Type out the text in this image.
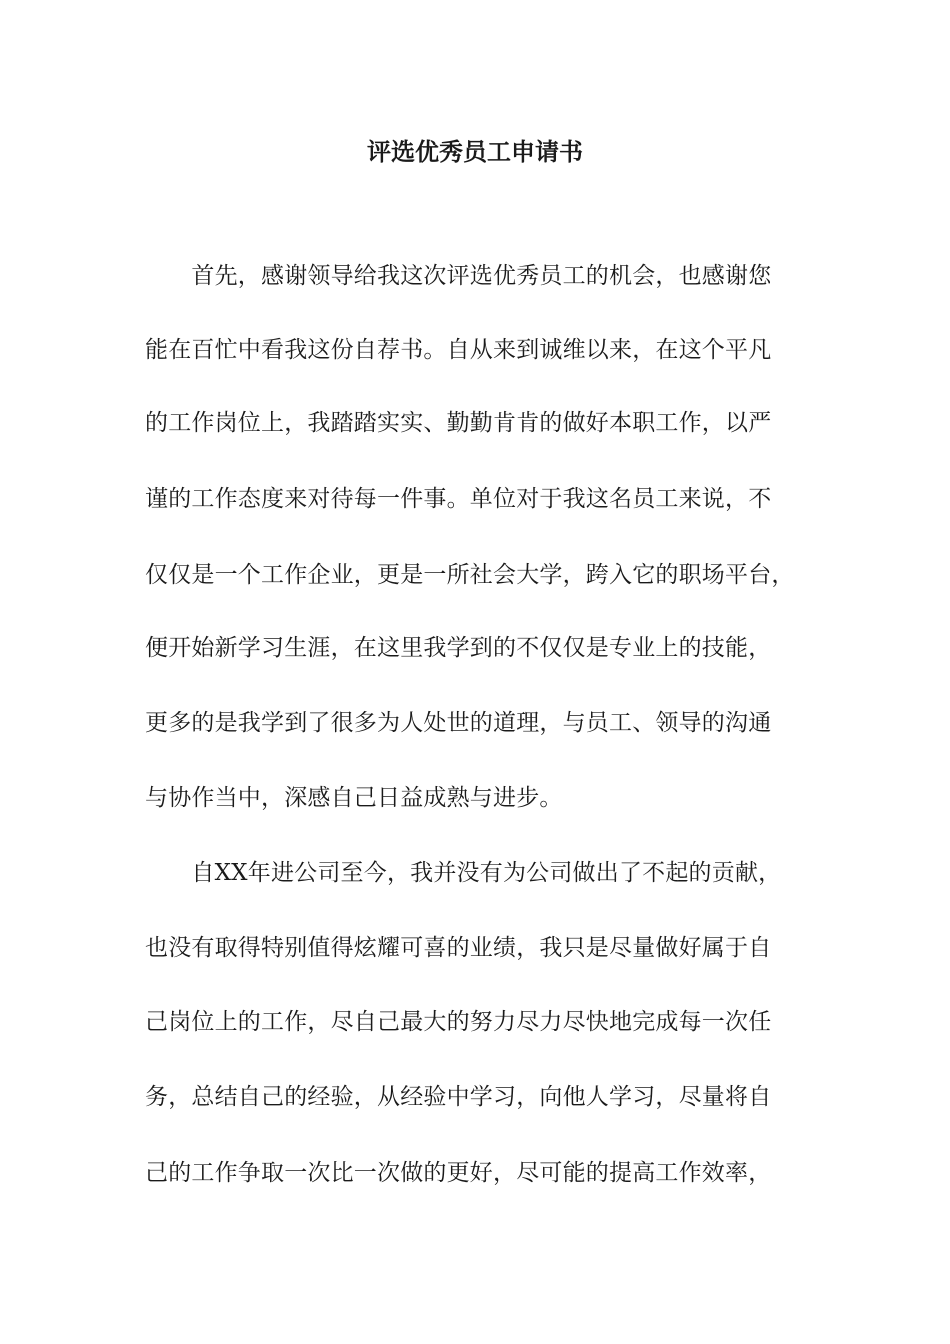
评选优秀员工申请书
　　首先，感谢领导给我这次评选优秀员工的机会，也感谢您
能在百忙中看我这份自荐书。自从来到诚维以来，在这个平凡
的工作岗位上，我踏踏实实、勤勤肯肯的做好本职工作，以严
谨的工作态度来对待每一件事。单位对于我这名员工来说，不
仅仅是一个工作企业，更是一所社会大学，跨入它的职场平台，
便开始新学习生涯，在这里我学到的不仅仅是专业上的技能，
更多的是我学到了很多为人处世的道理，与员工、领导的沟通
与协作当中，深感自己日益成熟与进步。
　　自XX年进公司至今，我并没有为公司做出了不起的贡献，
也没有取得特别值得炫耀可喜的业绩，我只是尽量做好属于自
己岗位上的工作，尽自己最大的努力尽力尽快地完成每一次任
务，总结自己的经验，从经验中学习，向他人学习，尽量将自
己的工作争取一次比一次做的更好，尽可能的提高工作效率，
